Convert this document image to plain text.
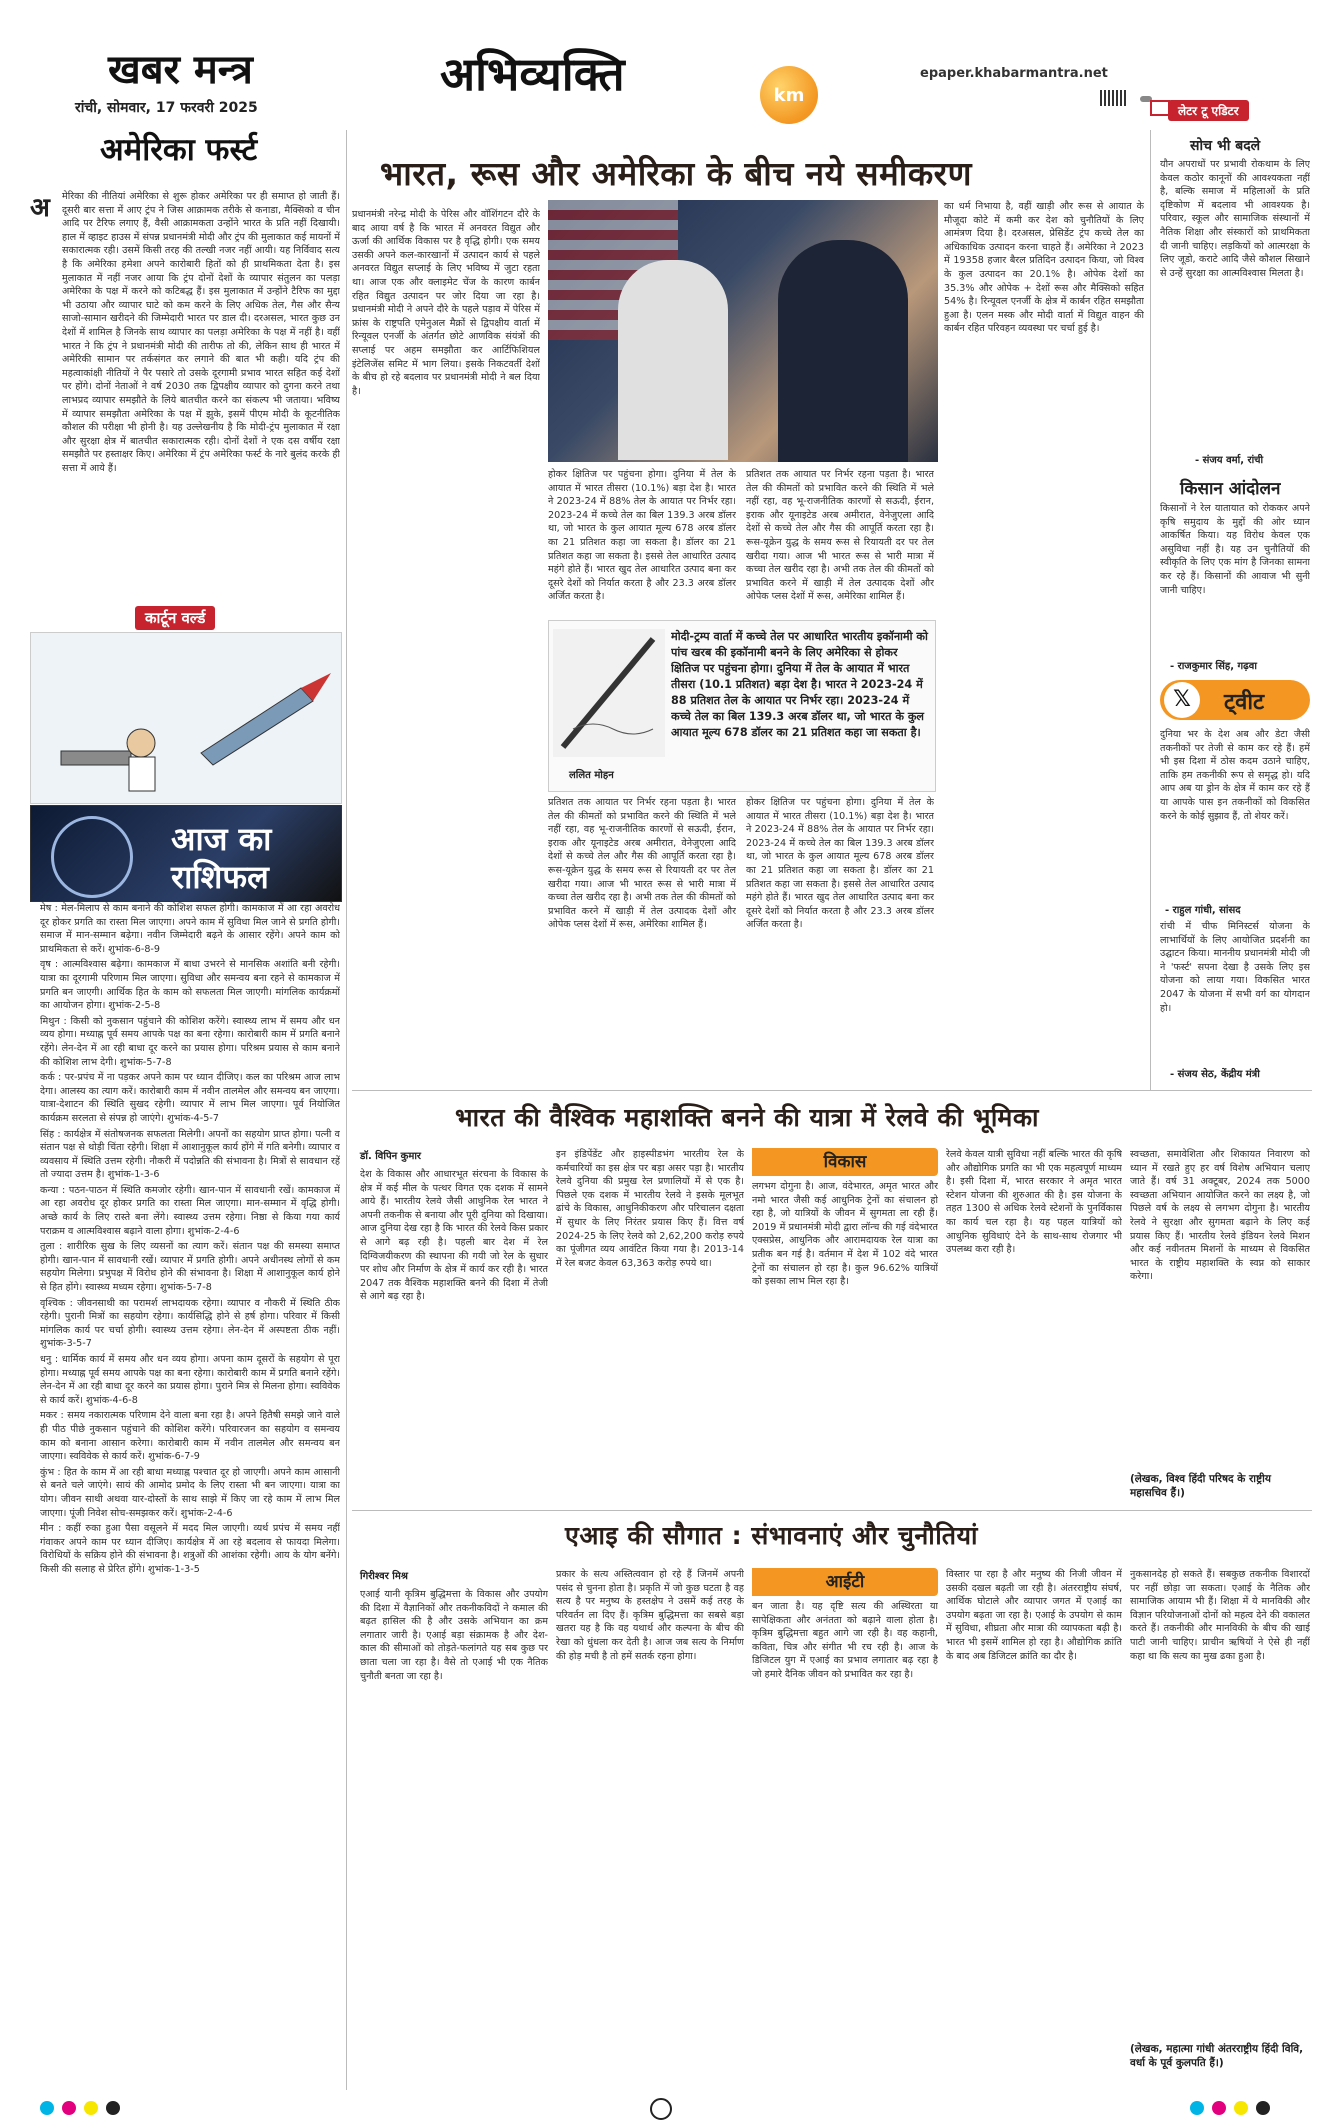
खबर मन्त्र
रांची, सोमवार, 17 फरवरी 2025
अभिव्यक्ति	km
epaper.khabarmantra.net
अमेरिका फर्स्ट
अ मेरिका की नीतियां अमेरिका से शुरू होकर अमेरिका पर ही समाप्त हो जाती हैं। दूसरी बार सत्ता में आए ट्रंप ने जिस आक्रामक तरीके से कनाडा, मैक्सिको व चीन आदि पर टैरिफ लगाए हैं, वैसी आक्रामकता उन्होंने भारत के प्रति नहीं दिखायी। हाल में व्हाइट हाउस में संपन्न प्रधानमंत्री मोदी और ट्रंप की मुलाकात कई मायनों में सकारात्मक रही। उसमें किसी तरह की तल्खी नजर नहीं आयी। यह निर्विवाद सत्य है कि अमेरिका हमेशा अपने कारोबारी हितों को ही प्राथमिकता देता है। इस मुलाकात में नहीं नजर आया कि ट्रंप दोनों देशों के व्यापार संतुलन का पलड़ा अमेरिका के पक्ष में करने को कटिबद्ध हैं। इस मुलाकात में उन्होंने टैरिफ का मुद्दा भी उठाया और व्यापार घाटे को कम करने के लिए अधिक तेल, गैस और सैन्य साजो-सामान खरीदने की जिम्मेदारी भारत पर डाल दी। दरअसल, भारत कुछ उन देशों में शामिल है जिनके साथ व्यापार का पलड़ा अमेरिका के पक्ष में नहीं है। वहीं भारत ने कि ट्रंप ने प्रधानमंत्री मोदी की तारीफ तो की, लेकिन साथ ही भारत में अमेरिकी सामान पर तर्कसंगत कर लगाने की बात भी कही। यदि ट्रंप की महत्वाकांक्षी नीतियों ने पैर पसारे तो उसके दूरगामी प्रभाव भारत सहित कई देशों पर होंगे। दोनों नेताओं ने वर्ष 2030 तक द्विपक्षीय व्यापार को दुगना करने तथा लाभप्रद व्यापार समझौते के लिये बातचीत करने का संकल्प भी जताया। भविष्य में व्यापार समझौता अमेरिका के पक्ष में झुके, इसमें पीएम मोदी के कूटनीतिक कौशल की परीक्षा भी होनी है। यह उल्लेखनीय है कि मोदी-ट्रंप मुलाकात में रक्षा और सुरक्षा क्षेत्र में बातचीत सकारात्मक रही। दोनों देशों ने एक दस वर्षीय रक्षा समझौते पर हस्ताक्षर किए। अमेरिका में ट्रंप अमेरिका फर्स्ट के नारे बुलंद करके ही सत्ता में आये हैं।
कार्टून वर्ल्ड
आज का राशिफल

मेष : मेल-मिलाप से काम बनाने की कोशिश सफल होगी। कामकाज में आ रहा अवरोध दूर होकर प्रगति का रास्ता मिल जाएगा। अपने काम में सुविधा मिल जाने से प्रगति होगी। समाज में मान-सम्मान बढ़ेगा। नवीन जिम्मेदारी बढ़ने के आसार रहेंगे। अपने काम को प्राथमिकता से करें। शुभांक-6-8-9

वृष : आत्मविश्वास बढ़ेगा। कामकाज में बाधा उभरने से मानसिक अशांति बनी रहेगी। यात्रा का दूरगामी परिणाम मिल जाएगा। सुविधा और समन्वय बना रहने से कामकाज में प्रगति बन जाएगी। आर्थिक हित के काम को सफलता मिल जाएगी। मांगलिक कार्यक्रमों का आयोजन होगा। शुभांक-2-5-8

मिथुन : किसी को नुकसान पहुंचाने की कोशिश करेंगे। स्वास्थ्य लाभ में समय और धन व्यय होगा। मध्याह्न पूर्व समय आपके पक्ष का बना रहेगा। कारोबारी काम में प्रगति बनाने रहेंगे। लेन-देन में आ रही बाधा दूर करने का प्रयास होगा। परिश्रम प्रयास से काम बनाने की कोशिश लाभ देगी। शुभांक-5-7-8

कर्क : पर-प्रपंच में ना पड़कर अपने काम पर ध्यान दीजिए। कल का परिश्रम आज लाभ देगा। आलस्य का त्याग करें। कारोबारी काम में नवीन तालमेल और समन्वय बन जाएगा। यात्रा-देशाटन की स्थिति सुखद रहेगी। व्यापार में लाभ मिल जाएगा। पूर्व नियोजित कार्यक्रम सरलता से संपन्न हो जाएंगे। शुभांक-4-5-7

सिंह : कार्यक्षेत्र में संतोषजनक सफलता मिलेगी। अपनों का सहयोग प्राप्त होगा। पत्नी व संतान पक्ष से थोड़ी चिंता रहेगी। शिक्षा में आशानुकूल कार्य होंगे में गति बनेगी। व्यापार व व्यवसाय में स्थिति उत्तम रहेगी। नौकरी में पदोन्नति की संभावना है। मित्रों से सावधान रहें तो ज्यादा उत्तम है। शुभांक-1-3-6

कन्या : पठन-पाठन में स्थिति कमजोर रहेगी। खान-पान में सावधानी रखें। कामकाज में आ रहा अवरोध दूर होकर प्रगति का रास्ता मिल जाएगा। मान-सम्मान में वृद्धि होगी। अच्छे कार्य के लिए रास्ते बना लेंगे। स्वास्थ्य उत्तम रहेगा। निष्ठा से किया गया कार्य पराक्रम व आत्मविश्वास बढ़ाने वाला होगा। शुभांक-2-4-6

तुला : शारीरिक सुख के लिए व्यसनों का त्याग करें। संतान पक्ष की समस्या समाप्त होगी। खान-पान में सावधानी रखें। व्यापार में प्रगति होगी। अपने अधीनस्थ लोगों से कम सहयोग मिलेगा। प्रभुपक्ष में विरोध होने की संभावना है। शिक्षा में आशानुकूल कार्य होने से हित होंगे। स्वास्थ्य मध्यम रहेगा। शुभांक-5-7-8

वृश्चिक : जीवनसाथी का परामर्श लाभदायक रहेगा। व्यापार व नौकरी में स्थिति ठीक रहेगी। पुरानी मित्रों का सहयोग रहेगा। कार्यसिद्धि होने से हर्ष होगा। परिवार में किसी मांगलिक कार्य पर चर्चा होगी। स्वास्थ्य उत्तम रहेगा। लेन-देन में अस्पष्टता ठीक नहीं। शुभांक-3-5-7

धनु : धार्मिक कार्य में समय और धन व्यय होगा। अपना काम दूसरों के सहयोग से पूरा होगा। मध्याह्न पूर्व समय आपके पक्ष का बना रहेगा। कारोबारी काम में प्रगति बनाने रहेंगे। लेन-देन में आ रही बाधा दूर करने का प्रयास होगा। पुराने मित्र से मिलना होगा। स्वविवेक से कार्य करें। शुभांक-4-6-8

मकर : समय नकारात्मक परिणाम देने वाला बना रहा है। अपने हितैषी समझे जाने वाले ही पीठ पीछे नुकसान पहुंचाने की कोशिश करेंगे। परिवारजन का सहयोग व समन्वय काम को बनाना आसान करेगा। कारोबारी काम में नवीन तालमेल और समन्वय बन जाएगा। स्वविवेक से कार्य करें। शुभांक-6-7-9

कुंभ : हित के काम में आ रही बाधा मध्याह्न पश्चात दूर हो जाएगी। अपने काम आसानी से बनते चले जाएंगे। सायं की आमोद प्रमोद के लिए रास्ता भी बन जाएगा। यात्रा का योग। जीवन साथी अथवा यार-दोस्तों के साथ साझे में किए जा रहे काम में लाभ मिल जाएगा। पूंजी निवेश सोच-समझकर करें। शुभांक-2-4-6

मीन : कहीं रुका हुआ पैसा वसूलने में मदद मिल जाएगी। व्यर्थ प्रपंच में समय नहीं गंवाकर अपने काम पर ध्यान दीजिए। कार्यक्षेत्र में आ रहे बदलाव से फायदा मिलेगा। विरोधियों के सक्रिय होने की संभावना है। शत्रुओं की आशंका रहेगी। आय के योग बनेंगे। किसी की सलाह से प्रेरित होंगे। शुभांक-1-3-5

भारत, रूस और अमेरिका के बीच नये समीकरण
प्रधानमंत्री नरेन्द्र मोदी के पेरिस और वॉशिंगटन दौरे के बाद आया वर्ष है कि भारत में अनवरत विद्युत और ऊर्जा की आर्थिक विकास पर है वृद्धि होगी। एक समय उसकी अपने कल-कारखानों में उत्पादन कार्य से पहले अनवरत विद्युत सप्लाई के लिए भविष्य में जुटा रहता था। आज एक और क्लाइमेट चेंज के कारण कार्बन रहित विद्युत उत्पादन पर जोर दिया जा रहा है। प्रधानमंत्री मोदी ने अपने दौरे के पहले पड़ाव में पेरिस में फ्रांस के राष्ट्रपति एमेनुअल मैक्रों से द्विपक्षीय वार्ता में रिन्यूवल एनर्जी के अंतर्गत छोटे आणविक संयंत्रों की सप्लाई पर अहम समझौता कर आर्टिफिशियल इंटेलिजेंस समिट में भाग लिया। इसके निकटवर्ती देशों के बीच हो रहे बदलाव पर प्रधानमंत्री मोदी ने बल दिया है।
होकर क्षितिज पर पहुंचना होगा। दुनिया में तेल के आयात में भारत तीसरा (10.1%) बड़ा देश है। भारत ने 2023-24 में 88% तेल के आयात पर निर्भर रहा। 2023-24 में कच्चे तेल का बिल 139.3 अरब डॉलर था, जो भारत के कुल आयात मूल्य 678 अरब डॉलर का 21 प्रतिशत कहा जा सकता है। डॉलर का 21 प्रतिशत कहा जा सकता है। इससे तेल आधारित उत्पाद महंगे होते हैं। भारत खुद तेल आधारित उत्पाद बना कर दूसरे देशों को निर्यात करता है और 23.3 अरब डॉलर अर्जित करता है।
प्रतिशत तक आयात पर निर्भर रहना पड़ता है। भारत तेल की कीमतों को प्रभावित करने की स्थिति में भले नहीं रहा, वह भू-राजनीतिक कारणों से सऊदी, ईरान, इराक और यूनाइटेड अरब अमीरात, वेनेजुएला आदि देशों से कच्चे तेल और गैस की आपूर्ति करता रहा है। रूस-यूक्रेन युद्ध के समय रूस से रियायती दर पर तेल खरीदा गया। आज भी भारत रूस से भारी मात्रा में कच्चा तेल खरीद रहा है। अभी तक तेल की कीमतों को प्रभावित करने में खाड़ी में तेल उत्पादक देशों और ओपेक प्लस देशों में रूस, अमेरिका शामिल हैं।
ललित मोहन
मोदी-ट्रम्प वार्ता में कच्चे तेल पर आधारित भारतीय इकॉनामी को पांच खरब की इकॉनामी बनने के लिए अमेरिका से होकर क्षितिज पर पहुंचना होगा। दुनिया में तेल के आयात में भारत तीसरा (10.1 प्रतिशत) बड़ा देश है। भारत ने 2023-24 में 88 प्रतिशत तेल के आयात पर निर्भर रहा। 2023-24 में कच्चे तेल का बिल 139.3 अरब डॉलर था, जो भारत के कुल आयात मूल्य 678 डॉलर का 21 प्रतिशत कहा जा सकता है।
प्रतिशत तक आयात पर निर्भर रहना पड़ता है। भारत तेल की कीमतों को प्रभावित करने की स्थिति में भले नहीं रहा, वह भू-राजनीतिक कारणों से सऊदी, ईरान, इराक और यूनाइटेड अरब अमीरात, वेनेजुएला आदि देशों से कच्चे तेल और गैस की आपूर्ति करता रहा है। रूस-यूक्रेन युद्ध के समय रूस से रियायती दर पर तेल खरीदा गया। आज भी भारत रूस से भारी मात्रा में कच्चा तेल खरीद रहा है। अभी तक तेल की कीमतों को प्रभावित करने में खाड़ी में तेल उत्पादक देशों और ओपेक प्लस देशों में रूस, अमेरिका शामिल हैं।
होकर क्षितिज पर पहुंचना होगा। दुनिया में तेल के आयात में भारत तीसरा (10.1%) बड़ा देश है। भारत ने 2023-24 में 88% तेल के आयात पर निर्भर रहा। 2023-24 में कच्चे तेल का बिल 139.3 अरब डॉलर था, जो भारत के कुल आयात मूल्य 678 अरब डॉलर का 21 प्रतिशत कहा जा सकता है। डॉलर का 21 प्रतिशत कहा जा सकता है। इससे तेल आधारित उत्पाद महंगे होते हैं। भारत खुद तेल आधारित उत्पाद बना कर दूसरे देशों को निर्यात करता है और 23.3 अरब डॉलर अर्जित करता है।
का धर्म निभाया है, वहीं खाड़ी और रूस से आयात के मौजूदा कोटे में कमी कर देश को चुनौतियों के लिए आमंत्रण दिया है। दरअसल, प्रेसिडेंट ट्रंप कच्चे तेल का अधिकाधिक उत्पादन करना चाहते हैं। अमेरिका ने 2023 में 19358 हजार बैरल प्रतिदिन उत्पादन किया, जो विश्व के कुल उत्पादन का 20.1% है। ओपेक देशों का 35.3% और ओपेक + देशों रूस और मैक्सिको सहित 54% है। रिन्यूवल एनर्जी के क्षेत्र में कार्बन रहित समझौता हुआ है। एलन मस्क और मोदी वार्ता में विद्युत वाहन की कार्बन रहित परिवहन व्यवस्था पर चर्चा हुई है।
लेटर टू एडिटर
सोच भी बदले
यौन अपराधों पर प्रभावी रोकथाम के लिए केवल कठोर कानूनों की आवश्यकता नहीं है, बल्कि समाज में महिलाओं के प्रति दृष्टिकोण में बदलाव भी आवश्यक है। परिवार, स्कूल और सामाजिक संस्थानों में नैतिक शिक्षा और संस्कारों को प्राथमिकता दी जानी चाहिए। लड़कियों को आत्मरक्षा के लिए जूडो, कराटे आदि जैसे कौशल सिखाने से उन्हें सुरक्षा का आत्मविश्वास मिलता है।
- संजय वर्मा, रांची
किसान आंदोलन
किसानों ने रेल यातायात को रोककर अपने कृषि समुदाय के मुद्दों की ओर ध्यान आकर्षित किया। यह विरोध केवल एक असुविधा नहीं है। यह उन चुनौतियों की स्वीकृति के लिए एक मांग है जिनका सामना कर रहे हैं। किसानों की आवाज भी सुनी जानी चाहिए।
- राजकुमार सिंह, गढ़वा
𝕏	ट्वीट
दुनिया भर के देश अब और डेटा जैसी तकनीकों पर तेजी से काम कर रहे हैं। हमें भी इस दिशा में ठोस कदम उठाने चाहिए, ताकि हम तकनीकी रूप से समृद्ध हो। यदि आप अब या ड्रोन के क्षेत्र में काम कर रहे हैं या आपके पास इन तकनीकों को विकसित करने के कोई सुझाव हैं, तो शेयर करें।
- राहुल गांधी, सांसद
रांची में चीफ मिनिस्टर्स योजना के लाभार्थियों के लिए आयोजित प्रदर्शनी का उद्घाटन किया। माननीय प्रधानमंत्री मोदी जी ने 'फर्स्ट' सपना देखा है उसके लिए इस योजना को लाया गया। विकसित भारत 2047 के योजना में सभी वर्ग का योगदान हो।
- संजय सेठ, केंद्रीय मंत्री
भारत की वैश्विक महाशक्ति बनने की यात्रा में रेलवे की भूमिका
डॉ. विपिन कुमार
देश के विकास और आधारभूत संरचना के विकास के क्षेत्र में कई मील के पत्थर विगत एक दशक में सामने आये हैं। भारतीय रेलवे जैसी आधुनिक रेल भारत ने अपनी तकनीक से बनाया और पूरी दुनिया को दिखाया। आज दुनिया देख रहा है कि भारत की रेलवे किस प्रकार से आगे बढ़ रही है। पहली बार देश में रेल दिग्विजयीकरण की स्थापना की गयी जो रेल के सुधार पर शोध और निर्माण के क्षेत्र में कार्य कर रही है। भारत 2047 तक वैश्विक महाशक्ति बनने की दिशा में तेजी से आगे बढ़ रहा है।
इन इंडिपेंडेंट और हाइस्पीडभंग भारतीय रेल के कर्मचारियों का इस क्षेत्र पर बड़ा असर पड़ा है। भारतीय रेलवे दुनिया की प्रमुख रेल प्रणालियों में से एक है। पिछले एक दशक में भारतीय रेलवे ने इसके मूलभूत ढांचे के विकास, आधुनिकीकरण और परिचालन दक्षता में सुधार के लिए निरंतर प्रयास किए हैं। वित्त वर्ष 2024-25 के लिए रेलवे को 2,62,200 करोड़ रुपये का पूंजीगत व्यय आवंटित किया गया है। 2013-14 में रेल बजट केवल 63,363 करोड़ रुपये था।
विकास
लगभग दोगुना है। आज, वंदेभारत, अमृत भारत और नमो भारत जैसी कई आधुनिक ट्रेनों का संचालन हो रहा है, जो यात्रियों के जीवन में सुगमता ला रही हैं। 2019 में प्रधानमंत्री मोदी द्वारा लॉन्च की गई वंदेभारत एक्सप्रेस, आधुनिक और आरामदायक रेल यात्रा का प्रतीक बन गई है। वर्तमान में देश में 102 वंदे भारत ट्रेनों का संचालन हो रहा है। कुल 96.62% यात्रियों को इसका लाभ मिल रहा है।
रेलवे केवल यात्री सुविधा नहीं बल्कि भारत की कृषि और औद्योगिक प्रगति का भी एक महत्वपूर्ण माध्यम है। इसी दिशा में, भारत सरकार ने अमृत भारत स्टेशन योजना की शुरुआत की है। इस योजना के तहत 1300 से अधिक रेलवे स्टेशनों के पुनर्विकास का कार्य चल रहा है। यह पहल यात्रियों को आधुनिक सुविधाएं देने के साथ-साथ रोजगार भी उपलब्ध करा रही है।
स्वच्छता, समावेशिता और शिकायत निवारण को ध्यान में रखते हुए हर वर्ष विशेष अभियान चलाए जाते हैं। वर्ष 31 अक्टूबर, 2024 तक 5000 स्वच्छता अभियान आयोजित करने का लक्ष्य है, जो पिछले वर्ष के लक्ष्य से लगभग दोगुना है। भारतीय रेलवे ने सुरक्षा और सुगमता बढ़ाने के लिए कई प्रयास किए हैं। भारतीय रेलवे इंडियन रेलवे मिशन और कई नवीनतम मिशनों के माध्यम से विकसित भारत के राष्ट्रीय महाशक्ति के स्वप्न को साकार करेगा।
(लेखक, विश्व हिंदी परिषद के राष्ट्रीय महासचिव हैं।)
एआइ की सौगात : संभावनाएं और चुनौतियां
गिरीश्वर मिश्र
एआई यानी कृत्रिम बुद्धिमत्ता के विकास और उपयोग की दिशा में वैज्ञानिकों और तकनीकविदों ने कमाल की बढ़त हासिल की है और उसके अभियान का क्रम लगातार जारी है। एआई बड़ा संक्रामक है और देश-काल की सीमाओं को तोड़ते-फलांगते यह सब कुछ पर छाता चला जा रहा है। वैसे तो एआई भी एक नैतिक चुनौती बनता जा रहा है।
प्रकार के सत्य अस्तित्ववान हो रहे हैं जिनमें अपनी पसंद से चुनना होता है। प्रकृति में जो कुछ घटता है वह सत्य है पर मनुष्य के हस्तक्षेप ने उसमें कई तरह के परिवर्तन ला दिए हैं। कृत्रिम बुद्धिमत्ता का सबसे बड़ा खतरा यह है कि वह यथार्थ और कल्पना के बीच की रेखा को धुंधला कर देती है। आज जब सत्य के निर्माण की होड़ मची है तो हमें सतर्क रहना होगा।
आईटी
बन जाता है। यह दृष्टि सत्य की अस्थिरता या सापेक्षिकता और अनंतता को बढ़ाने वाला होता है। कृत्रिम बुद्धिमत्ता बहुत आगे जा रही है। वह कहानी, कविता, चित्र और संगीत भी रच रही है। आज के डिजिटल युग में एआई का प्रभाव लगातार बढ़ रहा है जो हमारे दैनिक जीवन को प्रभावित कर रहा है।
विस्तार पा रहा है और मनुष्य की निजी जीवन में उसकी दखल बढ़ती जा रही है। अंतरराष्ट्रीय संघर्ष, आर्थिक घोटाले और व्यापार जगत में एआई का उपयोग बढ़ता जा रहा है। एआई के उपयोग से काम में सुविधा, शीघ्रता और मात्रा की व्यापकता बढ़ी है। भारत भी इसमें शामिल हो रहा है। औद्योगिक क्रांति के बाद अब डिजिटल क्रांति का दौर है।
नुकसानदेह हो सकते हैं। सबकुछ तकनीक विशारदों पर नहीं छोड़ा जा सकता। एआई के नैतिक और सामाजिक आयाम भी हैं। शिक्षा में ये मानविकी और विज्ञान परियोजनाओं दोनों को महत्व देने की वकालत करते हैं। तकनीकी और मानविकी के बीच की खाई पाटी जानी चाहिए। प्राचीन ऋषियों ने ऐसे ही नहीं कहा था कि सत्य का मुख ढका हुआ है।
(लेखक, महात्मा गांधी अंतरराष्ट्रीय हिंदी विवि, वर्धा के पूर्व कुलपति हैं।)
